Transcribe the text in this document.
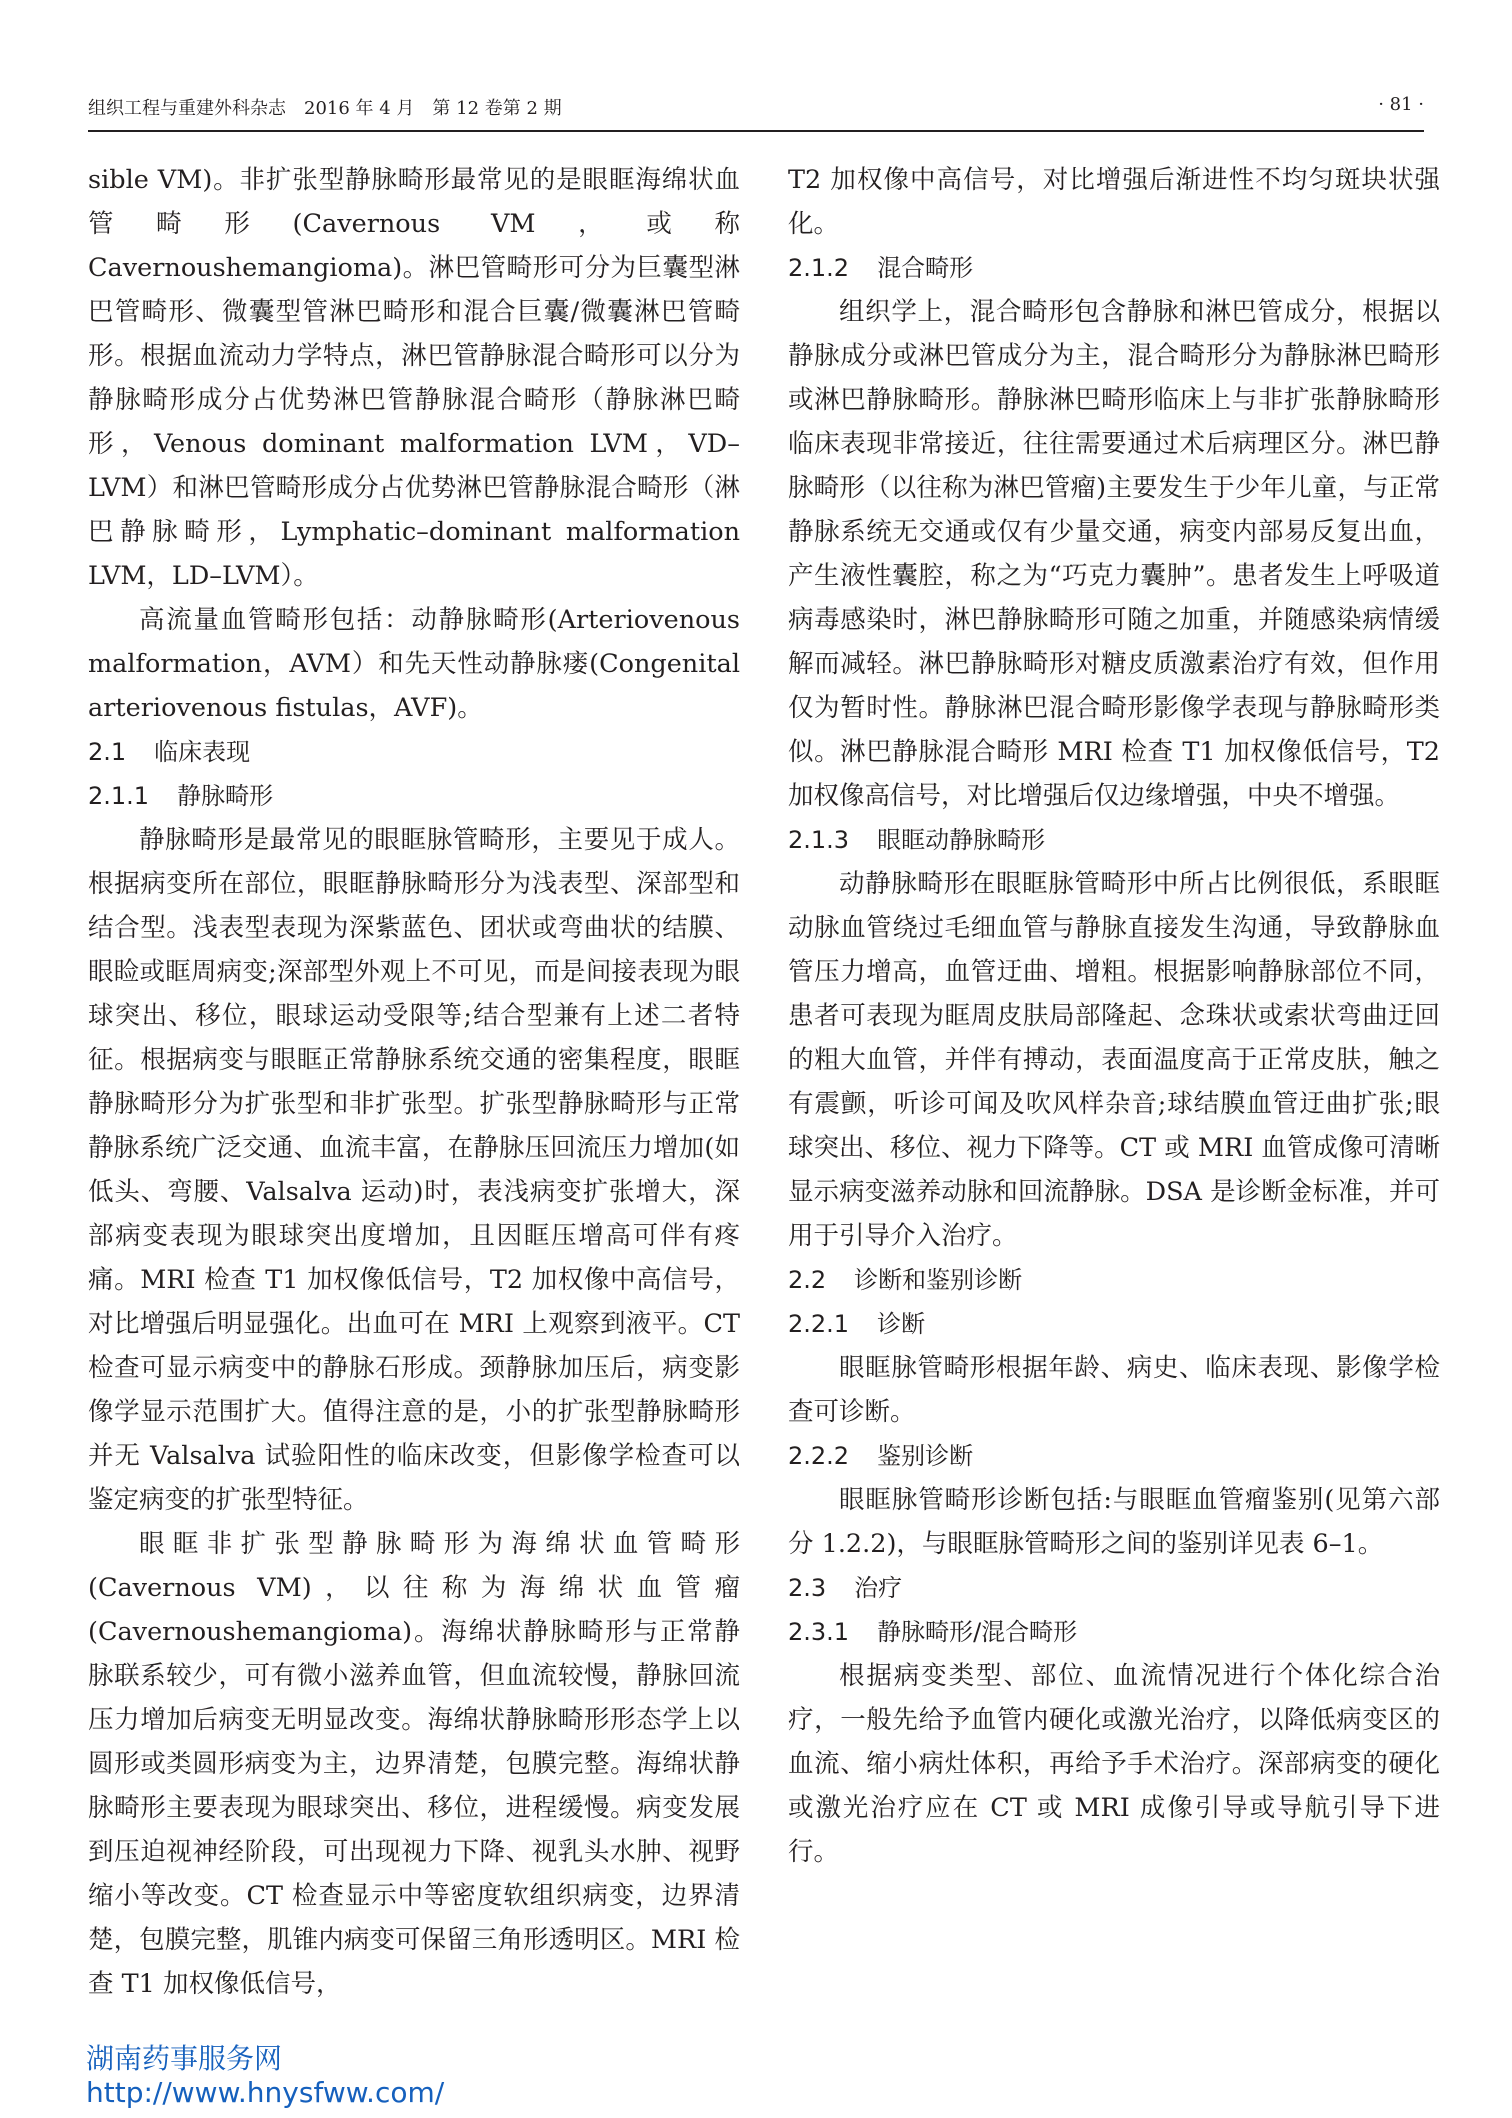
组织工程与重建外科杂志　2016 年 4 月　第 12 卷第 2 期	· 81 ·

sible VM)。非扩张型静脉畸形最常见的是眼眶海绵状血管畸形(Cavernous VM，或称 Cavernoushemangioma)。淋巴管畸形可分为巨囊型淋巴管畸形、微囊型管淋巴畸形和混合巨囊/微囊淋巴管畸形。根据血流动力学特点，淋巴管静脉混合畸形可以分为静脉畸形成分占优势淋巴管静脉混合畸形（静脉淋巴畸形，Venous dominant malformation LVM，VD–LVM）和淋巴管畸形成分占优势淋巴管静脉混合畸形（淋巴静脉畸形，Lymphatic–dominant malformation LVM，LD–LVM）。

高流量血管畸形包括：动静脉畸形(Arteriovenous malformation，AVM）和先天性动静脉瘘(Congenital arteriovenous fistulas，AVF)。

2.1 临床表现
2.1.1 静脉畸形

静脉畸形是最常见的眼眶脉管畸形，主要见于成人。根据病变所在部位，眼眶静脉畸形分为浅表型、深部型和结合型。浅表型表现为深紫蓝色、团状或弯曲状的结膜、眼睑或眶周病变;深部型外观上不可见，而是间接表现为眼球突出、移位，眼球运动受限等;结合型兼有上述二者特征。根据病变与眼眶正常静脉系统交通的密集程度，眼眶静脉畸形分为扩张型和非扩张型。扩张型静脉畸形与正常静脉系统广泛交通、血流丰富，在静脉压回流压力增加(如低头、弯腰、Valsalva 运动)时，表浅病变扩张增大，深部病变表现为眼球突出度增加，且因眶压增高可伴有疼痛。MRI 检查 T1 加权像低信号，T2 加权像中高信号，对比增强后明显强化。出血可在 MRI 上观察到液平。CT 检查可显示病变中的静脉石形成。颈静脉加压后，病变影像学显示范围扩大。值得注意的是，小的扩张型静脉畸形并无 Valsalva 试验阳性的临床改变，但影像学检查可以鉴定病变的扩张型特征。

眼眶非扩张型静脉畸形为海绵状血管畸形(Cavernous VM)，以往称为海绵状血管瘤(Cavernoushemangioma)。海绵状静脉畸形与正常静脉联系较少，可有微小滋养血管，但血流较慢，静脉回流压力增加后病变无明显改变。海绵状静脉畸形形态学上以圆形或类圆形病变为主，边界清楚，包膜完整。海绵状静脉畸形主要表现为眼球突出、移位，进程缓慢。病变发展到压迫视神经阶段，可出现视力下降、视乳头水肿、视野缩小等改变。CT 检查显示中等密度软组织病变，边界清楚，包膜完整，肌锥内病变可保留三角形透明区。MRI 检查 T1 加权像低信号，

T2 加权像中高信号，对比增强后渐进性不均匀斑块状强化。

2.1.2 混合畸形

组织学上，混合畸形包含静脉和淋巴管成分，根据以静脉成分或淋巴管成分为主，混合畸形分为静脉淋巴畸形或淋巴静脉畸形。静脉淋巴畸形临床上与非扩张静脉畸形临床表现非常接近，往往需要通过术后病理区分。淋巴静脉畸形（以往称为淋巴管瘤)主要发生于少年儿童，与正常静脉系统无交通或仅有少量交通，病变内部易反复出血，产生液性囊腔，称之为“巧克力囊肿”。患者发生上呼吸道病毒感染时，淋巴静脉畸形可随之加重，并随感染病情缓解而减轻。淋巴静脉畸形对糖皮质激素治疗有效，但作用仅为暂时性。静脉淋巴混合畸形影像学表现与静脉畸形类似。淋巴静脉混合畸形 MRI 检查 T1 加权像低信号，T2 加权像高信号，对比增强后仅边缘增强，中央不增强。

2.1.3 眼眶动静脉畸形

动静脉畸形在眼眶脉管畸形中所占比例很低，系眼眶动脉血管绕过毛细血管与静脉直接发生沟通，导致静脉血管压力增高，血管迂曲、增粗。根据影响静脉部位不同，患者可表现为眶周皮肤局部隆起、念珠状或索状弯曲迂回的粗大血管，并伴有搏动，表面温度高于正常皮肤，触之有震颤，听诊可闻及吹风样杂音;球结膜血管迂曲扩张;眼球突出、移位、视力下降等。CT 或 MRI 血管成像可清晰显示病变滋养动脉和回流静脉。DSA 是诊断金标准，并可用于引导介入治疗。

2.2 诊断和鉴别诊断
2.2.1 诊断

眼眶脉管畸形根据年龄、病史、临床表现、影像学检查可诊断。

2.2.2 鉴别诊断

眼眶脉管畸形诊断包括:与眼眶血管瘤鉴别(见第六部分 1.2.2)，与眼眶脉管畸形之间的鉴别详见表 6–1。

2.3 治疗
2.3.1 静脉畸形/混合畸形

根据病变类型、部位、血流情况进行个体化综合治疗，一般先给予血管内硬化或激光治疗，以降低病变区的血流、缩小病灶体积，再给予手术治疗。深部病变的硬化或激光治疗应在 CT 或 MRI 成像引导或导航引导下进行。

湖南药事服务网
http://www.hnysfww.com/
